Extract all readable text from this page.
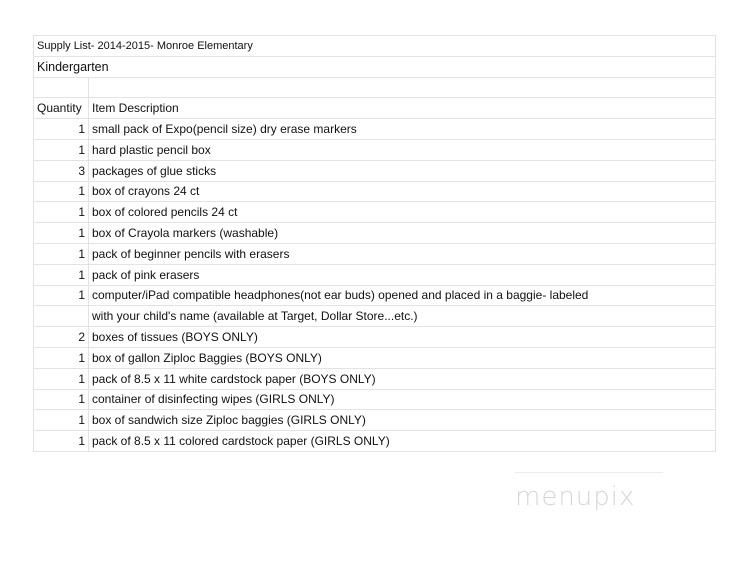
Supply List- 2014-2015- Monroe Elementary	
Kindergarten	

Quantity	Item Description
1	small pack of Expo(pencil size) dry erase markers
1	hard plastic pencil box
3	packages of glue sticks
1	box of crayons 24 ct
1	box of colored pencils 24 ct
1	box of Crayola markers (washable)
1	pack of beginner pencils with erasers
1	pack of pink erasers
1	computer/iPad compatible headphones(not ear buds) opened and placed in a baggie- labeled
	with your child's name (available at Target, Dollar Store...etc.)
2	boxes of tissues (BOYS ONLY)
1	box of gallon Ziploc Baggies (BOYS ONLY)
1	pack of 8.5 x 11 white cardstock paper (BOYS ONLY)
1	container of disinfecting wipes (GIRLS ONLY)
1	box of sandwich size Ziploc baggies (GIRLS ONLY)
1	pack of 8.5 x 11 colored cardstock paper (GIRLS ONLY)
menupix
